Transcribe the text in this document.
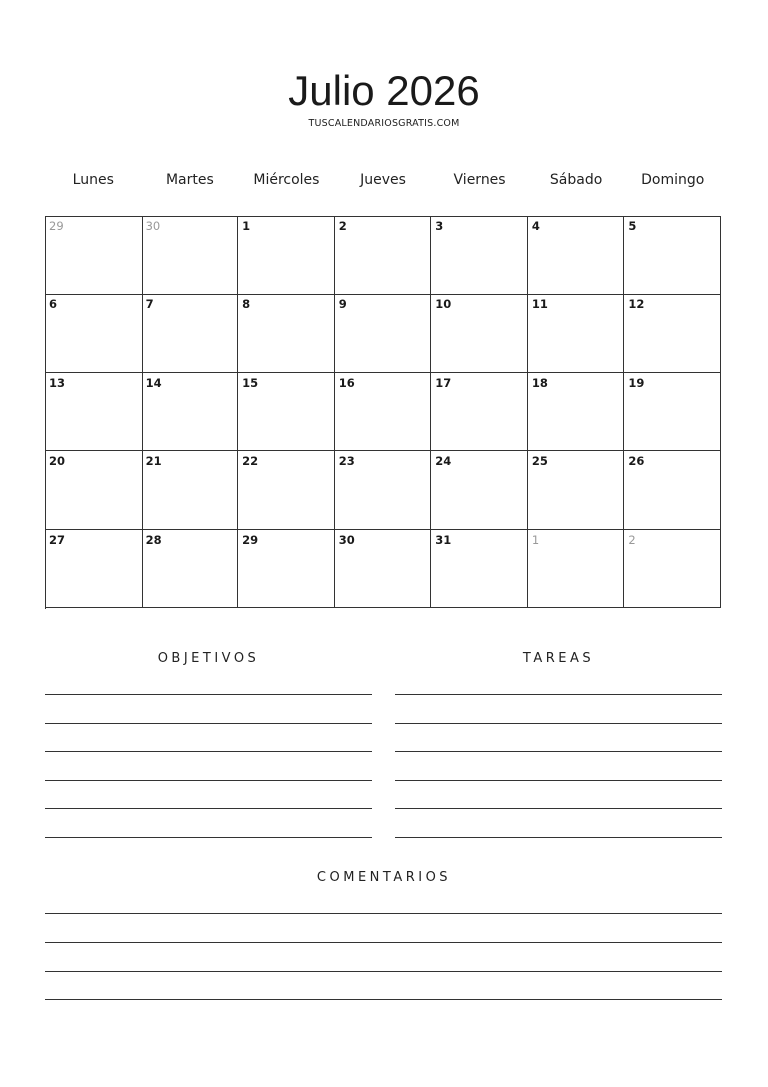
Julio 2026
TUSCALENDARIOSGRATIS.COM
Lunes	Martes	Miércoles	Jueves	Viernes	Sábado	Domingo
29	30	1	2	3	4	5
6	7	8	9	10	11	12
13	14	15	16	17	18	19
20	21	22	23	24	25	26
27	28	29	30	31	1	2
OBJETIVOS	TAREAS
COMENTARIOS
